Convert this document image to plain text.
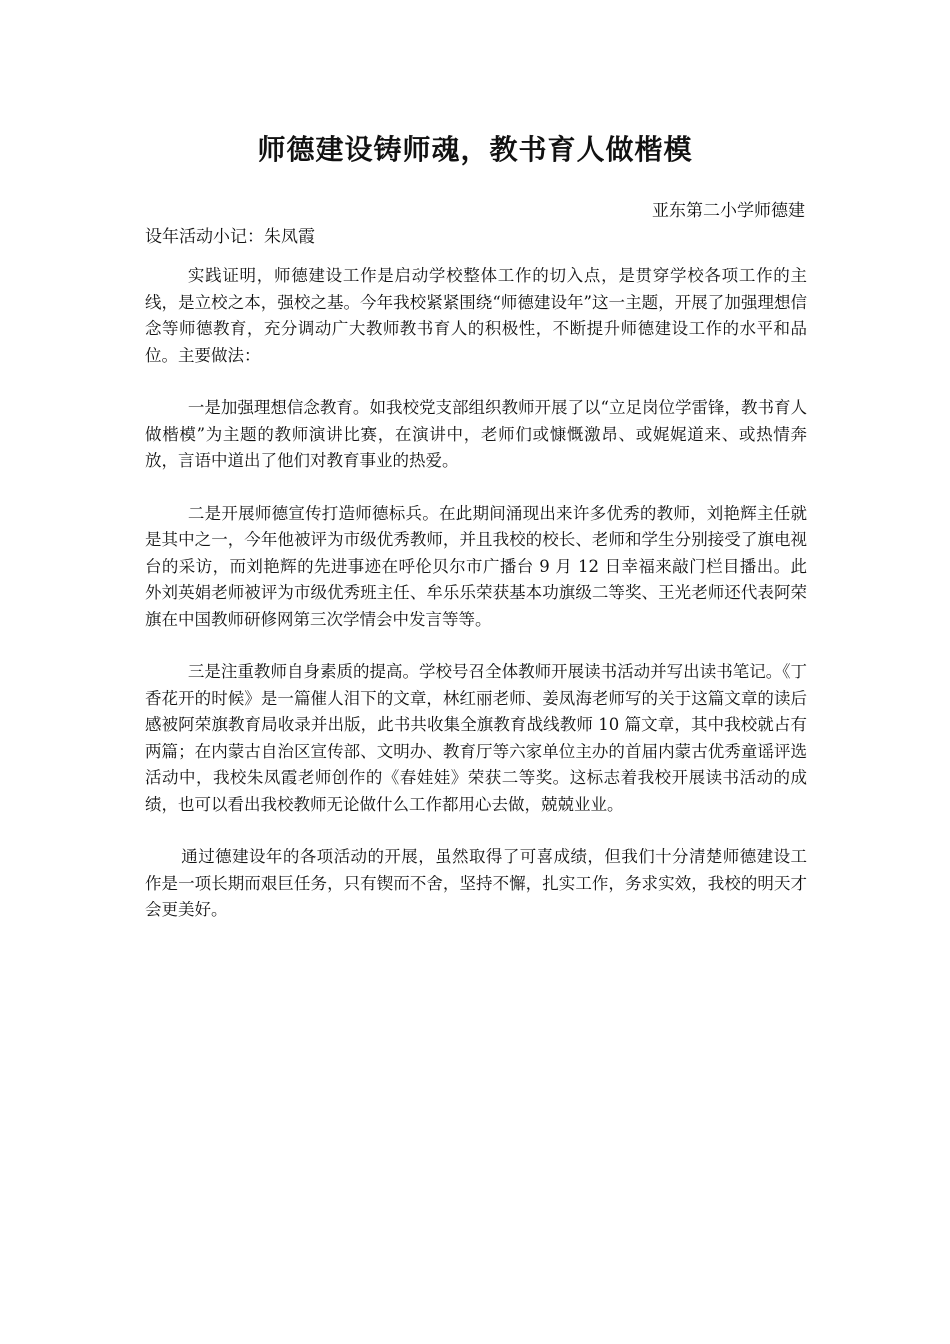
师德建设铸师魂，教书育人做楷模
亚东第二小学师德建
设年活动小记：朱凤霞

实践证明，师德建设工作是启动学校整体工作的切入点，是贯穿学校各项工作的主线，是立校之本，强校之基。今年我校紧紧围绕“师德建设年”这一主题，开展了加强理想信念等师德教育，充分调动广大教师教书育人的积极性，不断提升师德建设工作的水平和品位。主要做法：

一是加强理想信念教育。如我校党支部组织教师开展了以“立足岗位学雷锋，教书育人做楷模”为主题的教师演讲比赛，在演讲中，老师们或慷慨激昂、或娓娓道来、或热情奔放，言语中道出了他们对教育事业的热爱。

二是开展师德宣传打造师德标兵。在此期间涌现出来许多优秀的教师，刘艳辉主任就是其中之一，今年他被评为市级优秀教师，并且我校的校长、老师和学生分别接受了旗电视台的采访，而刘艳辉的先进事迹在呼伦贝尔市广播台 9 月 12 日幸福来敲门栏目播出。此外刘英娟老师被评为市级优秀班主任、牟乐乐荣获基本功旗级二等奖、王光老师还代表阿荣旗在中国教师研修网第三次学情会中发言等等。

三是注重教师自身素质的提高。学校号召全体教师开展读书活动并写出读书笔记。《丁香花开的时候》是一篇催人泪下的文章，林红丽老师、姜凤海老师写的关于这篇文章的读后感被阿荣旗教育局收录并出版，此书共收集全旗教育战线教师 10 篇文章，其中我校就占有两篇；在内蒙古自治区宣传部、文明办、教育厅等六家单位主办的首届内蒙古优秀童谣评选活动中，我校朱凤霞老师创作的《春娃娃》荣获二等奖。这标志着我校开展读书活动的成绩，也可以看出我校教师无论做什么工作都用心去做，兢兢业业。

通过德建设年的各项活动的开展，虽然取得了可喜成绩，但我们十分清楚师德建设工作是一项长期而艰巨任务，只有锲而不舍，坚持不懈，扎实工作，务求实效，我校的明天才会更美好。
